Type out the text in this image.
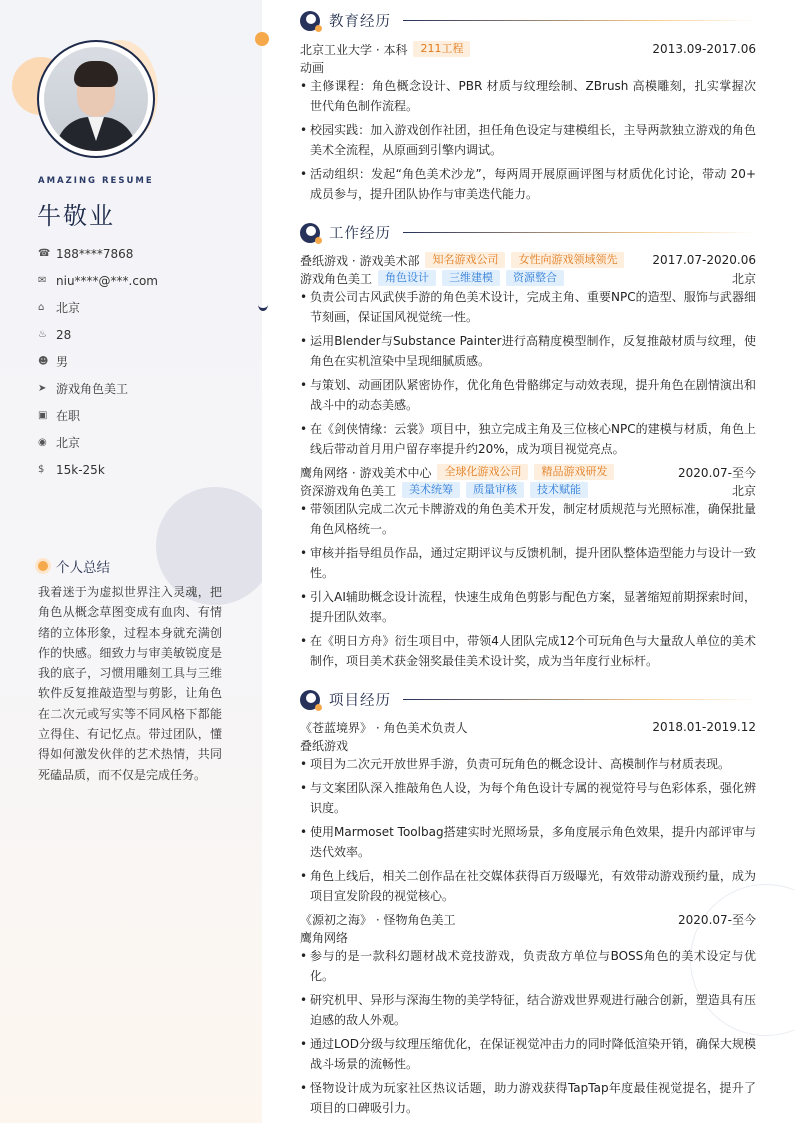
AMAZING RESUME
牛敬业
☎ 188****7868
✉ niu****@***.com
⌂ 北京
♨ 28
☻ 男
➤ 游戏角色美工
▣ 在职
◉ 北京
$ 15k-25k
个人总结
我着迷于为虚拟世界注入灵魂，把角色从概念草图变成有血肉、有情绪的立体形象，过程本身就充满创作的快感。细致力与审美敏锐度是我的底子，习惯用雕刻工具与三维软件反复推敲造型与剪影，让角色在二次元或写实等不同风格下都能立得住、有记忆点。带过团队，懂得如何激发伙伴的艺术热情，共同死磕品质，而不仅是完成任务。
教育经历
北京工业大学 · 本科	211工程	2013.09-2017.06
动画
• 主修课程：角色概念设计、PBR 材质与纹理绘制、ZBrush 高模雕刻，扎实掌握次世代角色制作流程。
• 校园实践：加入游戏创作社团，担任角色设定与建模组长，主导两款独立游戏的角色美术全流程，从原画到引擎内调试。
• 活动组织：发起“角色美术沙龙”，每两周开展原画评图与材质优化讨论，带动 20+ 成员参与，提升团队协作与审美迭代能力。
工作经历
叠纸游戏 · 游戏美术部	知名游戏公司	女性向游戏领域领先	2017.07-2020.06
游戏角色美工	角色设计	三维建模	资源整合	北京
• 负责公司古风武侠手游的角色美术设计，完成主角、重要NPC的造型、服饰与武器细节刻画，保证国风视觉统一性。
• 运用Blender与Substance Painter进行高精度模型制作，反复推敲材质与纹理，使角色在实机渲染中呈现细腻质感。
• 与策划、动画团队紧密协作，优化角色骨骼绑定与动效表现，提升角色在剧情演出和战斗中的动态美感。
• 在《剑侠情缘：云裳》项目中，独立完成主角及三位核心NPC的建模与材质，角色上线后带动首月用户留存率提升约20%，成为项目视觉亮点。
鹰角网络 · 游戏美术中心	全球化游戏公司	精品游戏研发	2020.07-至今
资深游戏角色美工	美术统筹	质量审核	技术赋能	北京
• 带领团队完成二次元卡牌游戏的角色美术开发，制定材质规范与光照标准，确保批量角色风格统一。
• 审核并指导组员作品，通过定期评议与反馈机制，提升团队整体造型能力与设计一致性。
• 引入AI辅助概念设计流程，快速生成角色剪影与配色方案，显著缩短前期探索时间，提升团队效率。
• 在《明日方舟》衍生项目中，带领4人团队完成12个可玩角色与大量敌人单位的美术制作，项目美术获金翎奖最佳美术设计奖，成为当年度行业标杆。
项目经历
《苍蓝境界》 · 角色美术负责人	2018.01-2019.12
叠纸游戏
• 项目为二次元开放世界手游，负责可玩角色的概念设计、高模制作与材质表现。
• 与文案团队深入推敲角色人设，为每个角色设计专属的视觉符号与色彩体系，强化辨识度。
• 使用Marmoset Toolbag搭建实时光照场景，多角度展示角色效果，提升内部评审与迭代效率。
• 角色上线后，相关二创作品在社交媒体获得百万级曝光，有效带动游戏预约量，成为项目宣发阶段的视觉核心。
《源初之海》 · 怪物角色美工	2020.07-至今
鹰角网络
• 参与的是一款科幻题材战术竞技游戏，负责敌方单位与BOSS角色的美术设定与优化。
• 研究机甲、异形与深海生物的美学特征，结合游戏世界观进行融合创新，塑造具有压迫感的敌人外观。
• 通过LOD分级与纹理压缩优化，在保证视觉冲击力的同时降低渲染开销，确保大规模战斗场景的流畅性。
• 怪物设计成为玩家社区热议话题，助力游戏获得TapTap年度最佳视觉提名，提升了项目的口碑吸引力。
